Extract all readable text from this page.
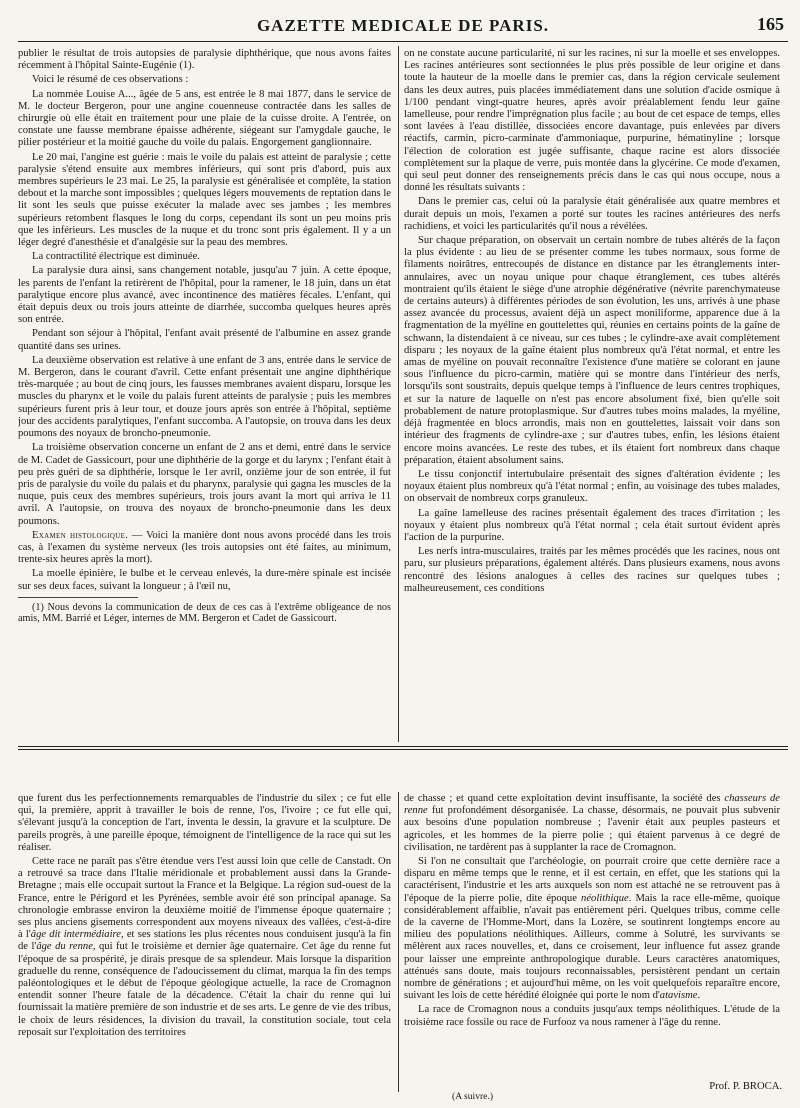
GAZETTE MEDICALE DE PARIS.	165

publier le résultat de trois autopsies de paralysie diphthérique, que nous avons faites récemment à l'hôpital Sainte-Eugénie (1).

Voici le résumé de ces observations :

La nommée Louise A..., âgée de 5 ans, est entrée le 8 mai 1877, dans le service de M. le docteur Bergeron, pour une angine couenneuse contractée dans les salles de chirurgie où elle était en traitement pour une plaie de la cuisse droite. A l'entrée, on constate une fausse membrane épaisse adhérente, siégeant sur l'amygdale gauche, le pilier postérieur et la moitié gauche du voile du palais. Engorgement ganglionnaire.

Le 20 mai, l'angine est guérie : mais le voile du palais est atteint de paralysie ; cette paralysie s'étend ensuite aux membres inférieurs, qui sont pris d'abord, puis aux membres supérieurs le 23 mai. Le 25, la paralysie est généralisée et complète, la station debout et la marche sont impossibles ; quelques légers mouvements de reptation dans le lit sont les seuls que puisse exécuter la malade avec ses jambes ; les membres supérieurs retombent flasques le long du corps, cependant ils sont un peu moins pris que les inférieurs. Les muscles de la nuque et du tronc sont pris également. Il y a un léger degré d'anesthésie et d'analgésie sur la peau des membres.

La contractilité électrique est diminuée.

La paralysie dura ainsi, sans changement notable, jusqu'au 7 juin. A cette époque, les parents de l'enfant la retirèrent de l'hôpital, pour la ramener, le 18 juin, dans un état paralytique encore plus avancé, avec incontinence des matières fécales. L'enfant, qui était depuis deux ou trois jours atteinte de diarrhée, succomba quelques heures après son entrée.

Pendant son séjour à l'hôpital, l'enfant avait présenté de l'albumine en assez grande quantité dans ses urines.

La deuxième observation est relative à une enfant de 3 ans, entrée dans le service de M. Bergeron, dans le courant d'avril. Cette enfant présentait une angine diphthérique très-marquée ; au bout de cinq jours, les fausses membranes avaient disparu, lorsque les muscles du pharynx et le voile du palais furent atteints de paralysie ; puis les membres supérieurs furent pris à leur tour, et douze jours après son entrée à l'hôpital, septième jour des accidents paralytiques, l'enfant succomba. A l'autopsie, on trouva dans les deux poumons des noyaux de broncho-pneumonie.

La troisième observation concerne un enfant de 2 ans et demi, entré dans le service de M. Cadet de Gassicourt, pour une diphthérie de la gorge et du larynx ; l'enfant était à peu près guéri de sa diphthérie, lorsque le 1er avril, onzième jour de son entrée, il fut pris de paralysie du voile du palais et du pharynx, paralysie qui gagna les muscles de la nuque, puis ceux des membres supérieurs, trois jours avant la mort qui arriva le 11 avril. A l'autopsie, on trouva des noyaux de broncho-pneumonie dans les deux poumons.

Examen histologique. — Voici la manière dont nous avons procédé dans les trois cas, à l'examen du système nerveux (les trois autopsies ont été faites, au minimum, trente-six heures après la mort).

La moelle épinière, le bulbe et le cerveau enlevés, la dure-mère spinale est incisée sur ses deux faces, suivant la longueur ; à l'œil nu,

(1) Nous devons la communication de deux de ces cas à l'extrême obligeance de nos amis, MM. Barrié et Léger, internes de MM. Bergeron et Cadet de Gassicourt.

on ne constate aucune particularité, ni sur les racines, ni sur la moelle et ses enveloppes. Les racines antérieures sont sectionnées le plus près possible de leur origine et dans toute la hauteur de la moelle dans le premier cas, dans la région cervicale seulement dans les deux autres, puis placées immédiatement dans une solution d'acide osmique à 1/100 pendant vingt-quatre heures, après avoir préalablement fendu leur gaîne lamelleuse, pour rendre l'imprégnation plus facile ; au bout de cet espace de temps, elles sont lavées à l'eau distillée, dissociées encore davantage, puis enlevées par divers réactifs, carmin, picro-carminate d'ammoniaque, purpurine, hématinyline ; lorsque l'élection de coloration est jugée suffisante, chaque racine est alors dissociée complètement sur la plaque de verre, puis montée dans la glycérine. Ce mode d'examen, qui seul peut donner des renseignements précis dans le cas qui nous occupe, nous a donné les résultats suivants :

Dans le premier cas, celui où la paralysie était généralisée aux quatre membres et durait depuis un mois, l'examen a porté sur toutes les racines antérieures des nerfs rachidiens, et voici les particularités qu'il nous a révélées.

Sur chaque préparation, on observait un certain nombre de tubes altérés de la façon la plus évidente : au lieu de se présenter comme les tubes normaux, sous forme de filaments noirâtres, entrecoupés de distance en distance par les étranglements inter-annulaires, avec un noyau unique pour chaque étranglement, ces tubes altérés montraient qu'ils étaient le siège d'une atrophie dégénérative (névrite parenchymateuse de certains auteurs) à différentes périodes de son évolution, les uns, arrivés à une phase assez avancée du processus, avaient déjà un aspect moniliforme, apparence due à la fragmentation de la myéline en gouttelettes qui, réunies en certains points de la gaîne de schwann, la distendaient à ce niveau, sur ces tubes ; le cylindre-axe avait complètement disparu ; les noyaux de la gaîne étaient plus nombreux qu'à l'état normal, et entre les amas de myéline on pouvait reconnaître l'existence d'une matière se colorant en jaune sous l'influence du picro-carmin, matière qui se montre dans l'intérieur des nerfs, lorsqu'ils sont soustraits, depuis quelque temps à l'influence de leurs centres trophiques, et sur la nature de laquelle on n'est pas encore absolument fixé, bien qu'elle soit probablement de nature protoplasmique. Sur d'autres tubes moins malades, la myéline, déjà fragmentée en blocs arrondis, mais non en gouttelettes, laissait voir dans son intérieur des fragments de cylindre-axe ; sur d'autres tubes, enfin, les lésions étaient encore moins avancées. Le reste des tubes, et ils étaient fort nombreux dans chaque préparation, étaient absolument sains.

Le tissu conjonctif intertubulaire présentait des signes d'altération évidente ; les noyaux étaient plus nombreux qu'à l'état normal ; enfin, au voisinage des tubes malades, on observait de nombreux corps granuleux.

La gaîne lamelleuse des racines présentait également des traces d'irritation ; les noyaux y étaient plus nombreux qu'à l'état normal ; cela était surtout évident après l'action de la purpurine.

Les nerfs intra-musculaires, traités par les mêmes procédés que les racines, nous ont paru, sur plusieurs préparations, également altérés. Dans plusieurs examens, nous avons rencontré des lésions analogues à celles des racines sur quelques tubes ; malheureusement, ces conditions

que furent dus les perfectionnements remarquables de l'industrie du silex ; ce fut elle qui, la première, apprit à travailler le bois de renne, l'os, l'ivoire ; ce fut elle qui, s'élevant jusqu'à la conception de l'art, inventa le dessin, la gravure et la sculpture. De pareils progrès, à une pareille époque, témoignent de l'intelligence de la race qui sut les réaliser.

Cette race ne paraît pas s'être étendue vers l'est aussi loin que celle de Canstadt. On a retrouvé sa trace dans l'Italie méridionale et probablement aussi dans la Grande-Bretagne ; mais elle occupait surtout la France et la Belgique. La région sud-ouest de la France, entre le Périgord et les Pyrénées, semble avoir été son principal apanage. Sa chronologie embrasse environ la deuxième moitié de l'immense époque quaternaire ; ses plus anciens gisements correspondent aux moyens niveaux des vallées, c'est-à-dire à l'âge dit intermédiaire, et ses stations les plus récentes nous conduisent jusqu'à la fin de l'âge du renne, qui fut le troisième et dernier âge quaternaire. Cet âge du renne fut l'époque de sa prospérité, je dirais presque de sa splendeur. Mais lorsque la disparition graduelle du renne, conséquence de l'adoucissement du climat, marqua la fin des temps paléontologiques et le début de l'époque géologique actuelle, la race de Cromagnon entendit sonner l'heure fatale de la décadence. C'était la chair du renne qui lui fournissait la matière première de son industrie et de ses arts. Le genre de vie des tribus, le choix de leurs résidences, la division du travail, la constitution sociale, tout cela reposait sur l'exploitation des territoires

de chasse ; et quand cette exploitation devint insuffisante, la société des chasseurs de renne fut profondément désorganisée. La chasse, désormais, ne pouvait plus subvenir aux besoins d'une population nombreuse ; l'avenir était aux peuples pasteurs et agricoles, et les hommes de la pierre polie ; qui étaient parvenus à ce degré de civilisation, ne tardèrent pas à supplanter la race de Cromagnon.

Si l'on ne consultait que l'archéologie, on pourrait croire que cette dernière race a disparu en même temps que le renne, et il est certain, en effet, que les stations qui la caractérisent, l'industrie et les arts auxquels son nom est attaché ne se retrouvent pas à l'époque de la pierre polie, dite époque néolithique. Mais la race elle-même, quoique considérablement affaiblie, n'avait pas entièrement péri. Quelques tribus, comme celle de la caverne de l'Homme-Mort, dans la Lozère, se soutinrent longtemps encore au milieu des populations néolithiques. Ailleurs, comme à Solutré, les survivants se mêlèrent aux races nouvelles, et, dans ce croisement, leur influence fut assez grande pour laisser une empreinte anthropologique durable. Leurs caractères anatomiques, atténués sans doute, mais toujours reconnaissables, persistèrent pendant un certain nombre de générations ; et aujourd'hui même, on les voit quelquefois reparaître encore, suivant les lois de cette hérédité éloignée qui porte le nom d'atavisme.

La race de Cromagnon nous a conduits jusqu'aux temps néolithiques. L'étude de la troisième race fossile ou race de Furfooz va nous ramener à l'âge du renne.

Prof. P. BROCA.
(A suivre.)
